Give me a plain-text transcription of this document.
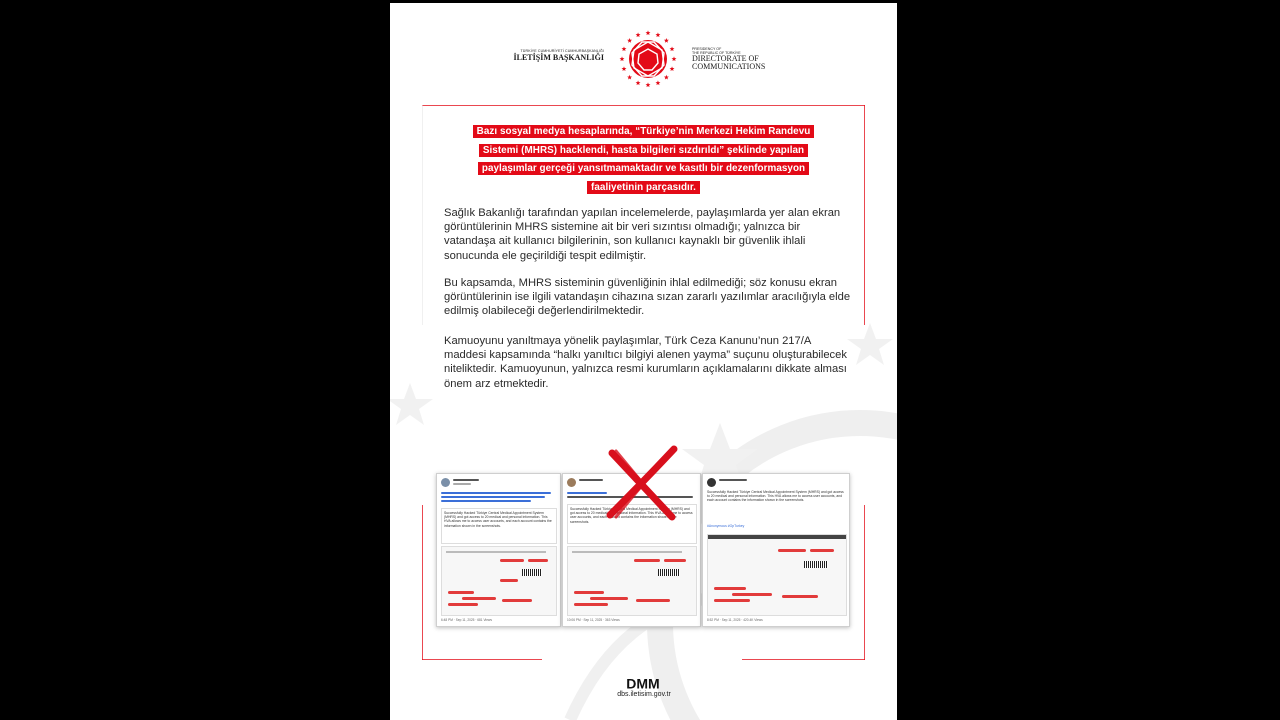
TÜRKİYE CUMHURİYETİ CUMHURBAŞKANLIĞI
İLETİŞİM BAŞKANLIĞI
PRESIDENCY OF
THE REPUBLIC OF TÜRKİYE
DIRECTORATE OF
COMMUNICATIONS
Bazı sosyal medya hesaplarında, “Türkiye’nin Merkezi Hekim Randevu
Sistemi (MHRS) hacklendi, hasta bilgileri sızdırıldı” şeklinde yapılan
paylaşımlar gerçeği yansıtmamaktadır ve kasıtlı bir dezenformasyon
faaliyetinin parçasıdır.
Sağlık Bakanlığı tarafından yapılan incelemelerde, paylaşımlarda yer alan ekran görüntülerinin MHRS sistemine ait bir veri sızıntısı olmadığı; yalnızca bir vatandaşa ait kullanıcı bilgilerinin, son kullanıcı kaynaklı bir güvenlik ihlali sonucunda ele geçirildiği tespit edilmiştir.
Bu kapsamda, MHRS sisteminin güvenliğinin ihlal edilmediği; söz konusu ekran görüntülerinin ise ilgili vatandaşın cihazına sızan zararlı yazılımlar aracılığıyla elde edilmiş olabileceği değerlendirilmektedir.
Kamuoyunu yanıltmaya yönelik paylaşımlar, Türk Ceza Kanunu’nun 217/A maddesi kapsamında “halkı yanıltıcı bilgiyi alenen yayma” suçunu oluşturabilecek niteliktedir. Kamuoyunun, yalnızca resmi kurumların açıklamalarını dikkate alması önem arz etmektedir.
Successfully Hacked Türkiye Central Medical Appointment System (MHRS) and got access to 20 medical and personal information. This HVA allows me to access user accounts, and each account contains the information shown in the screenshots.
6:48 PM · Sep 11, 2025 · 681 Views
Successfully Hacked Türkiye Central Medical Appointment System (MHRS) and got access to 20 medical and personal information. This HVA allows me to access user accounts, and each account contains the information shown in the screenshots.
10:06 PM · Sep 11, 2025 · 363 Views
Successfully Hacked Türkiye Central Medical Appointment System (MHRS) and got access to 20 medical and personal information. This HVA allows me to access user accounts, and each account contains the information shown in the screenshots.
#Anonymous #OpTurkey
8:52 PM · Sep 11, 2025 · 420.4K Views
DMM
dbs.iletisim.gov.tr
